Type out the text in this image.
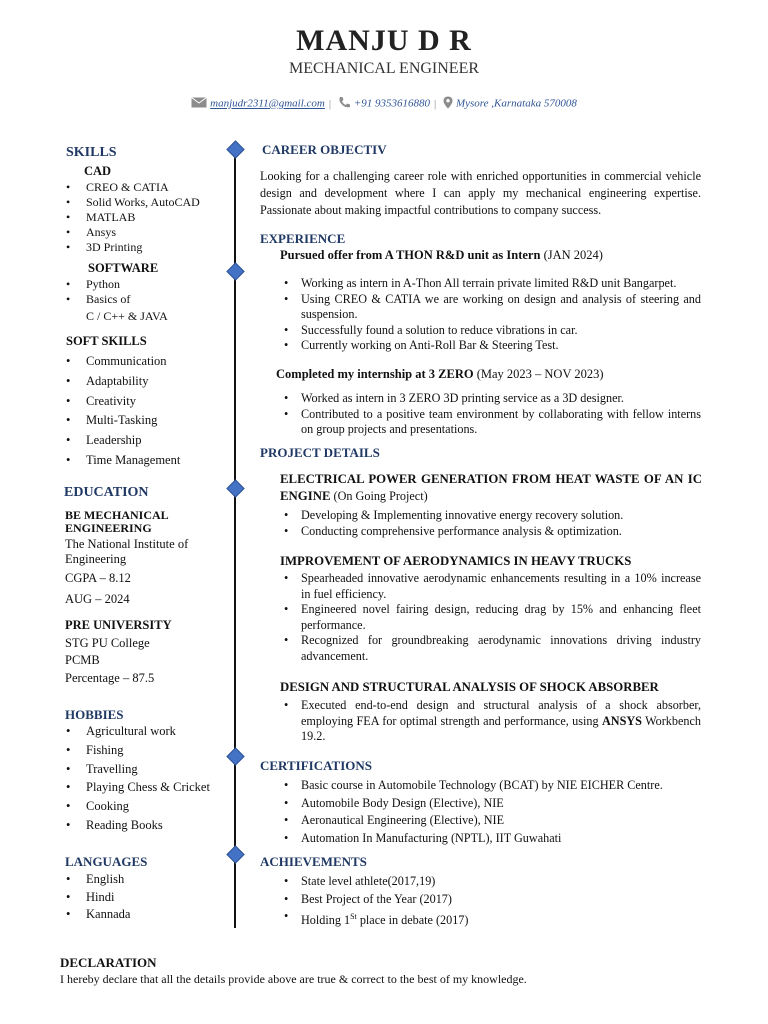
MANJU D R
MECHANICAL ENGINEER
manjudr2311@gmail.com | +91 9353616880 | Mysore ,Karnataka 570008
SKILLS
CAD
• CREO & CATIA
• Solid Works, AutoCAD
• MATLAB
• Ansys
• 3D Printing
SOFTWARE
• Python
• Basics of
C / C++ & JAVA
SOFT SKILLS
• Communication
• Adaptability
• Creativity
• Multi-Tasking
• Leadership
• Time Management
EDUCATION
BE MECHANICAL ENGINEERING
The National Institute of Engineering
CGPA – 8.12
AUG – 2024
PRE UNIVERSITY
STG PU College
PCMB
Percentage – 87.5
HOBBIES
• Agricultural work
• Fishing
• Travelling
• Playing Chess & Cricket
• Cooking
• Reading Books
LANGUAGES
• English
• Hindi
• Kannada
CAREER OBJECTIV
Looking for a challenging career role with enriched opportunities in commercial vehicle design and development where I can apply my mechanical engineering expertise. Passionate about making impactful contributions to company success.
EXPERIENCE
Pursued offer from A THON R&D unit as Intern (JAN 2024)
• Working as intern in A-Thon All terrain private limited R&D unit Bangarpet.
• Using CREO & CATIA we are working on design and analysis of steering and suspension.
• Successfully found a solution to reduce vibrations in car.
• Currently working on Anti-Roll Bar & Steering Test.
Completed my internship at 3 ZERO (May 2023 – NOV 2023)
• Worked as intern in 3 ZERO 3D printing service as a 3D designer.
• Contributed to a positive team environment by collaborating with fellow interns on group projects and presentations.
PROJECT DETAILS
ELECTRICAL POWER GENERATION FROM HEAT WASTE OF AN IC ENGINE (On Going Project)
• Developing & Implementing innovative energy recovery solution.
• Conducting comprehensive performance analysis & optimization.
IMPROVEMENT OF AERODYNAMICS IN HEAVY TRUCKS
• Spearheaded innovative aerodynamic enhancements resulting in a 10% increase in fuel efficiency.
• Engineered novel fairing design, reducing drag by 15% and enhancing fleet performance.
• Recognized for groundbreaking aerodynamic innovations driving industry advancement.
DESIGN AND STRUCTURAL ANALYSIS OF SHOCK ABSORBER
• Executed end-to-end design and structural analysis of a shock absorber, employing FEA for optimal strength and performance, using ANSYS Workbench 19.2.
CERTIFICATIONS
• Basic course in Automobile Technology (BCAT) by NIE EICHER Centre.
• Automobile Body Design (Elective), NIE
• Aeronautical Engineering (Elective), NIE
• Automation In Manufacturing (NPTL), IIT Guwahati
ACHIEVEMENTS
• State level athlete(2017,19)
• Best Project of the Year (2017)
• Holding 1St place in debate (2017)
DECLARATION
I hereby declare that all the details provide above are true & correct to the best of my knowledge.
